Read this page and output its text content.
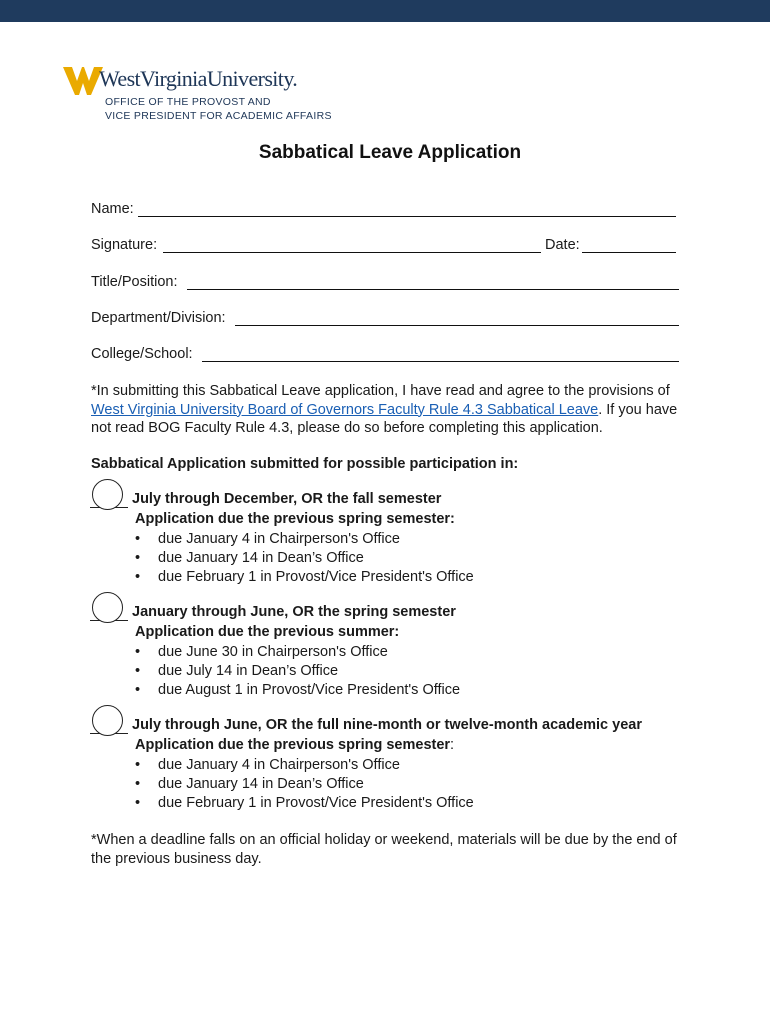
WestVirginiaUniversity.
OFFICE OF THE PROVOST AND
VICE PRESIDENT FOR ACADEMIC AFFAIRS
Sabbatical Leave Application
Name:
Signature:	Date:
Title/Position:
Department/Division:
College/School:
*In submitting this Sabbatical Leave application, I have read and agree to the provisions of West Virginia University Board of Governors Faculty Rule 4.3 Sabbatical Leave. If you have not read BOG Faculty Rule 4.3, please do so before completing this application.
Sabbatical Application submitted for possible participation in:
July through December, OR the fall semester
Application due the previous spring semester:
• due January 4 in Chairperson's Office
• due January 14 in Dean’s Office
• due February 1 in Provost/Vice President's Office
January through June, OR the spring semester
Application due the previous summer:
• due June 30 in Chairperson's Office
• due July 14 in Dean’s Office
• due August 1 in Provost/Vice President's Office
July through June, OR the full nine-month or twelve-month academic year
Application due the previous spring semester:
• due January 4 in Chairperson's Office
• due January 14 in Dean’s Office
• due February 1 in Provost/Vice President's Office
*When a deadline falls on an official holiday or weekend, materials will be due by the end of the previous business day.
